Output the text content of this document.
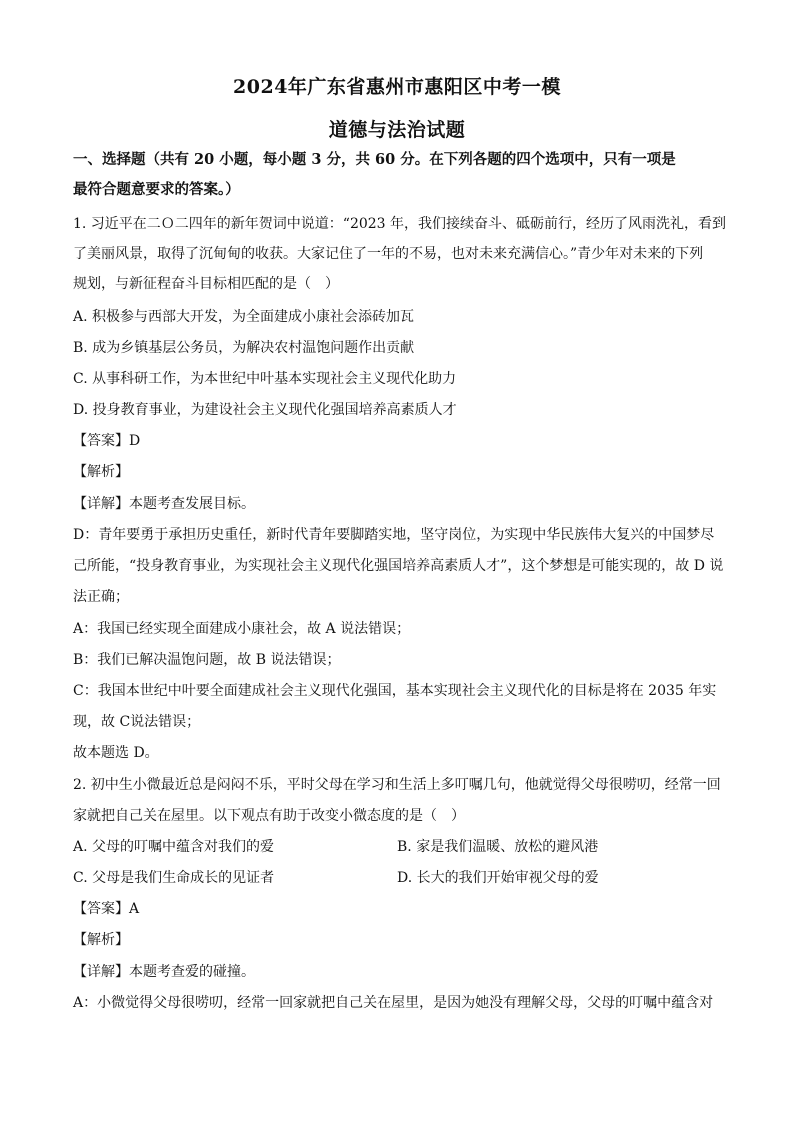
2024年广东省惠州市惠阳区中考一模
道德与法治试题
一、选择题（共有 20 小题，每小题 3 分，共 60 分。在下列各题的四个选项中，只有一项是
最符合题意要求的答案。）
1. 习近平在二Ｏ二四年的新年贺词中说道：“2023 年，我们接续奋斗、砥砺前行，经历了风雨洗礼，看到
了美丽风景，取得了沉甸甸的收获。大家记住了一年的不易，也对未来充满信心。”青少年对未来的下列
规划，与新征程奋斗目标相匹配的是（　）
A. 积极参与西部大开发，为全面建成小康社会添砖加瓦
B. 成为乡镇基层公务员，为解决农村温饱问题作出贡献
C. 从事科研工作，为本世纪中叶基本实现社会主义现代化助力
D. 投身教育事业，为建设社会主义现代化强国培养高素质人才
【答案】D
【解析】
【详解】本题考查发展目标。
D：青年要勇于承担历史重任，新时代青年要脚踏实地，坚守岗位，为实现中华民族伟大复兴的中国梦尽
己所能，“投身教育事业，为实现社会主义现代化强国培养高素质人才”，这个梦想是可能实现的，故 D 说
法正确；
A：我国已经实现全面建成小康社会，故 A 说法错误；
B：我们已解决温饱问题，故 B 说法错误；
C：我国本世纪中叶要全面建成社会主义现代化强国，基本实现社会主义现代化的目标是将在 2035 年实
现，故 C说法错误；
故本题选 D。
2. 初中生小微最近总是闷闷不乐，平时父母在学习和生活上多叮嘱几句，他就觉得父母很唠叨，经常一回
家就把自己关在屋里。以下观点有助于改变小微态度的是（　）
A. 父母的叮嘱中蕴含对我们的爱	B. 家是我们温暖、放松的避风港
C. 父母是我们生命成长的见证者	D. 长大的我们开始审视父母的爱
【答案】A
【解析】
【详解】本题考查爱的碰撞。
A：小微觉得父母很唠叨，经常一回家就把自己关在屋里，是因为她没有理解父母，父母的叮嘱中蕴含对
